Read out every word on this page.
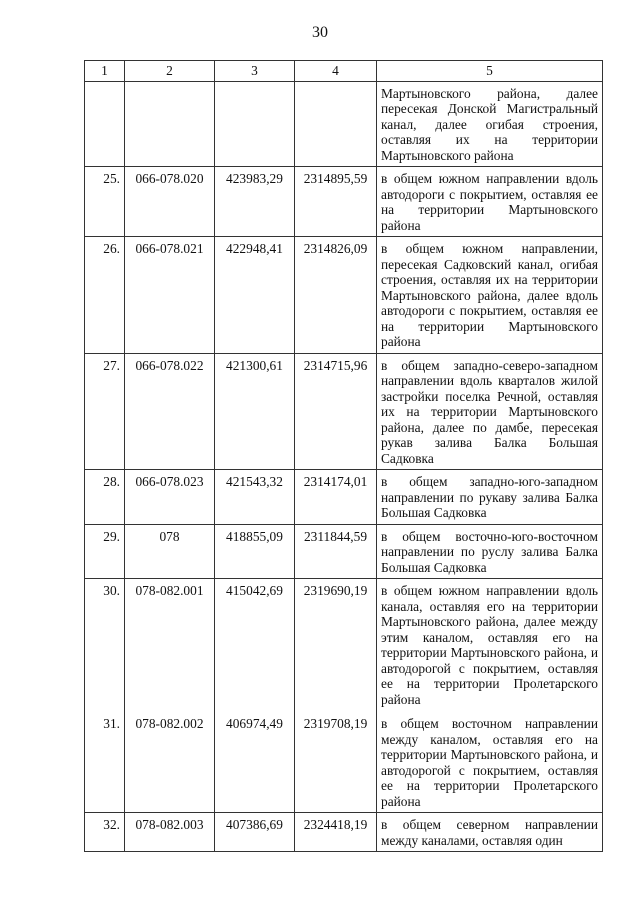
30
1	2	3	4	5
				Мартыновского района, далее пересекая Донской Магистральный канал, далее огибая строения, оставляя их на территории Мартыновского района
25.	066-078.020	423983,29	2314895,59	в общем южном направлении вдоль автодороги с покрытием, оставляя ее на территории Мартыновского района
26.	066-078.021	422948,41	2314826,09	в общем южном направлении, пересекая Садковский канал, огибая строения, оставляя их на территории Мартыновского района, далее вдоль автодороги с покрытием, оставляя ее на территории Мартыновского района
27.	066-078.022	421300,61	2314715,96	в общем западно-северо-западном направлении вдоль кварталов жилой застройки поселка Речной, оставляя их на территории Мартыновского района, далее по дамбе, пересекая рукав залива Балка Большая Садковка
28.	066-078.023	421543,32	2314174,01	в общем западно-юго-западном направлении по рукаву залива Балка Большая Садковка
29.	078	418855,09	2311844,59	в общем восточно-юго-восточном направлении по руслу залива Балка Большая Садковка
30.	078-082.001	415042,69	2319690,19	в общем южном направлении вдоль канала, оставляя его на территории Мартыновского района, далее между этим каналом, оставляя его на территории Мартыновского района, и автодорогой с покрытием, оставляя ее на территории Пролетарского района
31.	078-082.002	406974,49	2319708,19	в общем восточном направлении между каналом, оставляя его на территории Мартыновского района, и автодорогой с покрытием, оставляя ее на территории Пролетарского района
32.	078-082.003	407386,69	2324418,19	в общем северном направлении между каналами, оставляя один
